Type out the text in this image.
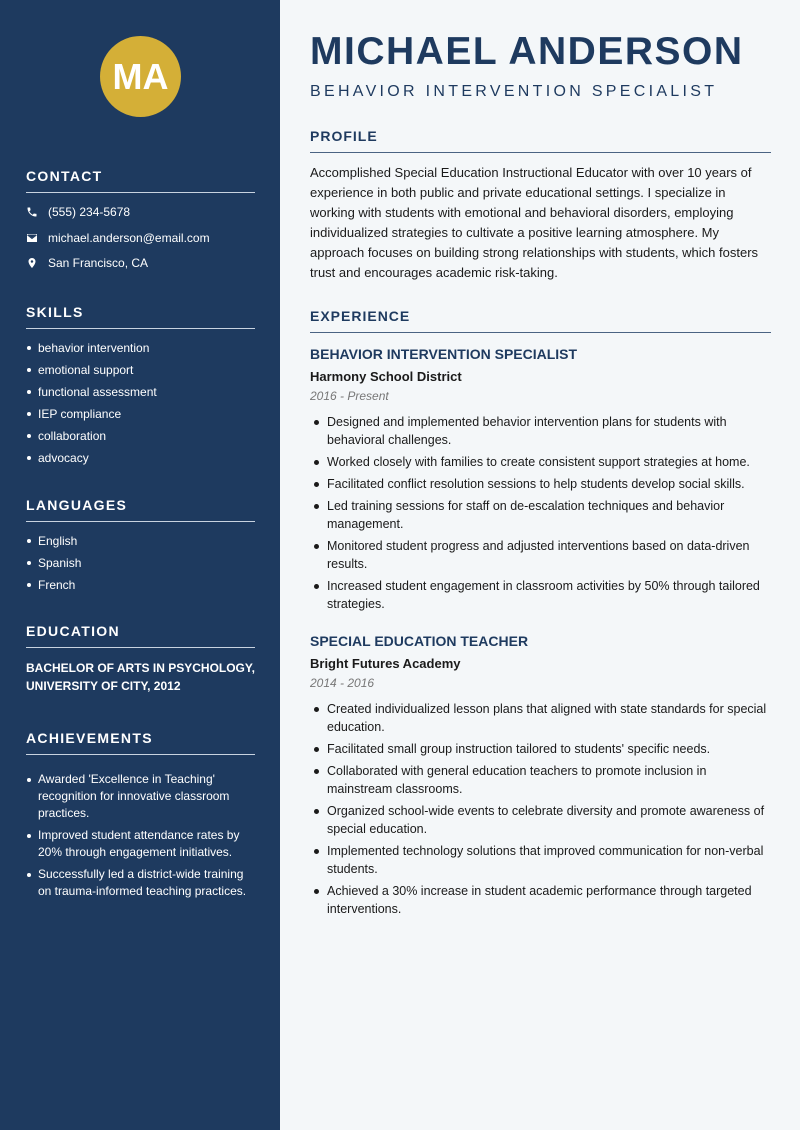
MA
CONTACT
(555) 234-5678
michael.anderson@email.com
San Francisco, CA
SKILLS
behavior intervention
emotional support
functional assessment
IEP compliance
collaboration
advocacy
LANGUAGES
English
Spanish
French
EDUCATION
BACHELOR OF ARTS IN PSYCHOLOGY, UNIVERSITY OF CITY, 2012
ACHIEVEMENTS
Awarded 'Excellence in Teaching' recognition for innovative classroom practices.
Improved student attendance rates by 20% through engagement initiatives.
Successfully led a district-wide training on trauma-informed teaching practices.
MICHAEL ANDERSON
BEHAVIOR INTERVENTION SPECIALIST
PROFILE
Accomplished Special Education Instructional Educator with over 10 years of experience in both public and private educational settings. I specialize in working with students with emotional and behavioral disorders, employing individualized strategies to cultivate a positive learning atmosphere. My approach focuses on building strong relationships with students, which fosters trust and encourages academic risk-taking.
EXPERIENCE
BEHAVIOR INTERVENTION SPECIALIST
Harmony School District
2016 - Present
Designed and implemented behavior intervention plans for students with behavioral challenges.
Worked closely with families to create consistent support strategies at home.
Facilitated conflict resolution sessions to help students develop social skills.
Led training sessions for staff on de-escalation techniques and behavior management.
Monitored student progress and adjusted interventions based on data-driven results.
Increased student engagement in classroom activities by 50% through tailored strategies.
SPECIAL EDUCATION TEACHER
Bright Futures Academy
2014 - 2016
Created individualized lesson plans that aligned with state standards for special education.
Facilitated small group instruction tailored to students' specific needs.
Collaborated with general education teachers to promote inclusion in mainstream classrooms.
Organized school-wide events to celebrate diversity and promote awareness of special education.
Implemented technology solutions that improved communication for non-verbal students.
Achieved a 30% increase in student academic performance through targeted interventions.
